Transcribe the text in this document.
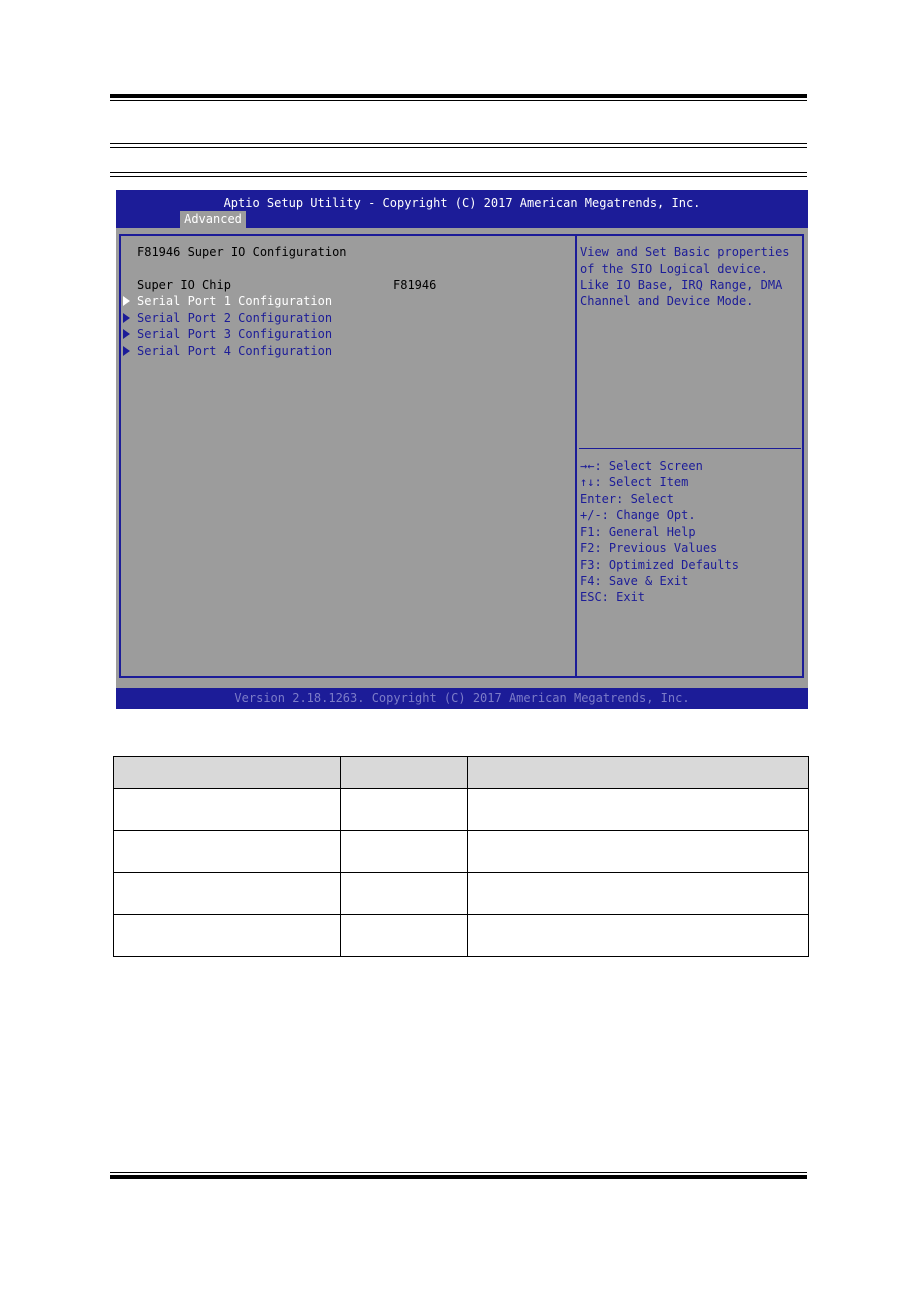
Aptio Setup Utility - Copyright (C) 2017 American Megatrends, Inc.
Advanced
F81946 Super IO Configuration
Super IO Chip	F81946
Serial Port 1 Configuration
Serial Port 2 Configuration
Serial Port 3 Configuration
Serial Port 4 Configuration
View and Set Basic properties
of the SIO Logical device.
Like IO Base, IRQ Range, DMA
Channel and Device Mode.
→←: Select Screen
↑↓: Select Item
Enter: Select
+/-: Change Opt.
F1: General Help
F2: Previous Values
F3: Optimized Defaults
F4: Save & Exit
ESC: Exit
Version 2.18.1263. Copyright (C) 2017 American Megatrends, Inc.
